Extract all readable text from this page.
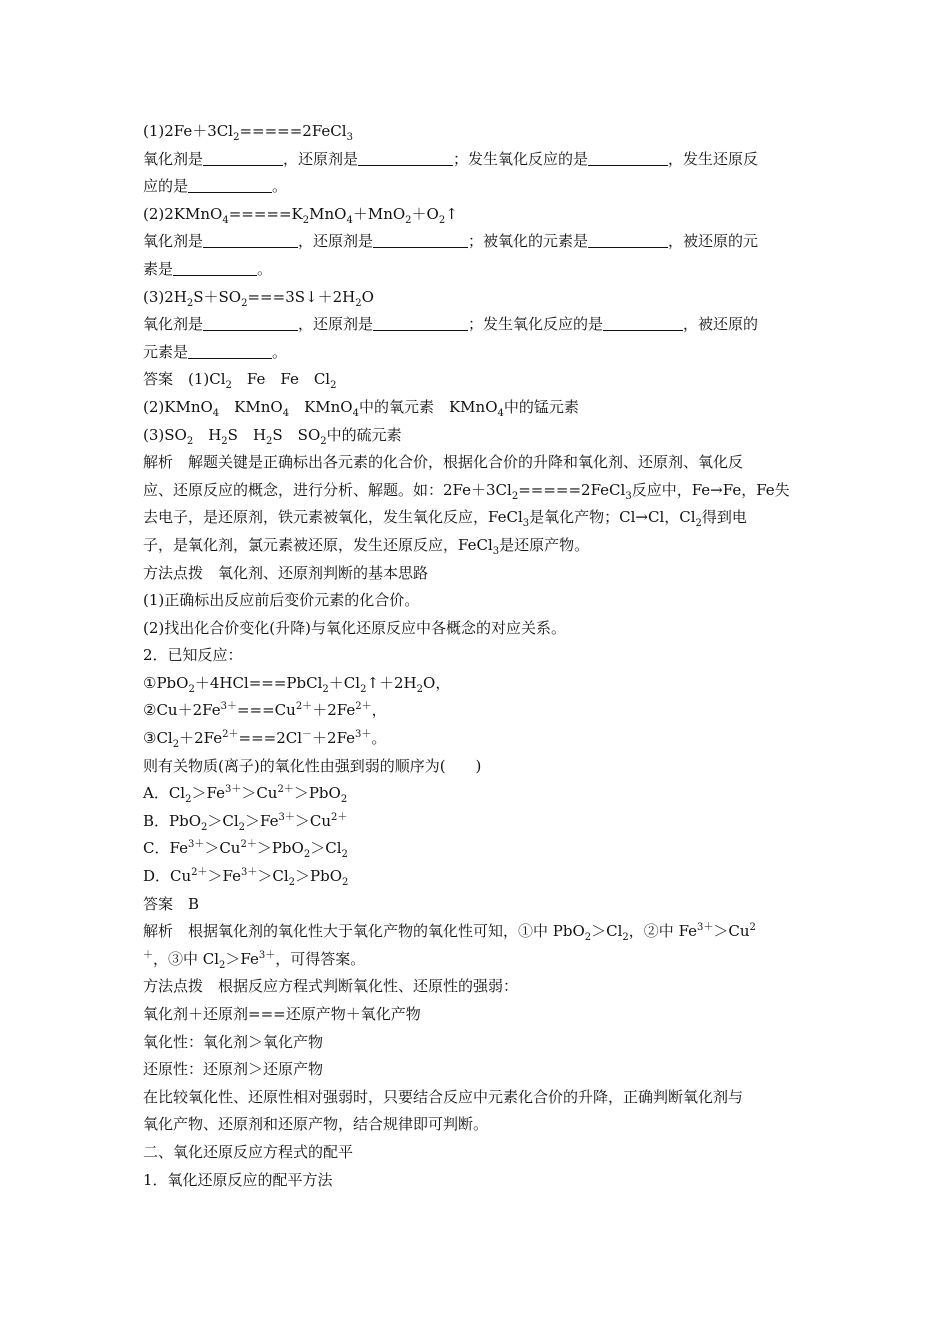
$(1)2Fe+3Cl_2=====2FeCl_3$

氧化剂是	，还原剂是	；发生氧化反应的是	，发生还原反

应的是	。

$(2)2KMnO_4=====K_2MnO_4+MnO_2+O_2↑$

氧化剂是	，还原剂是	；被氧化的元素是	，被还原的元

素是	。

$(3)2H_2S+SO_2===3S↓+2H_2O$

氧化剂是	，还原剂是	；发生氧化反应的是	，被还原的

元素是	。

答案　$(1)Cl_2$　Fe　Fe　$Cl_2$

(2)KMnO$_4$　KMnO$_4$　KMnO$_4$中的氧元素　KMnO$_4$中的锰元素

$(3)SO_2$　$H_2S$　$H_2S$　$SO_2$中的硫元素

解析　解题关键是正确标出各元素的化合价，根据化合价的升降和氧化剂、还原剂、氧化反

应、还原反应的概念，进行分析、解题。如：$2Fe+3Cl_2=====2FeCl_3$反应中，Fe→Fe，Fe失

去电子，是还原剂，铁元素被氧化，发生氧化反应，FeCl$_3$是氧化产物；Cl→Cl，$Cl_2$得到电

子，是氧化剂，氯元素被还原，发生还原反应，FeCl$_3$是还原产物。

方法点拨　氧化剂、还原剂判断的基本思路

(1)正确标出反应前后变价元素的化合价。

(2)找出化合价变化(升降)与氧化还原反应中各概念的对应关系。

2．已知反应：

$①PbO_2+4HCl===PbCl_2+Cl_2↑+2H_2O$，

$②Cu+2Fe^{3+}===Cu^{2+}+2Fe^{2+}$，

$③Cl_2+2Fe^{2+}===2Cl^-+2Fe^{3+}$。

则有关物质(离子)的氧化性由强到弱的顺序为(　　)

A．$Cl_2>Fe^{3+}>Cu^{2+}>PbO_2$

B．$PbO_2>Cl_2>Fe^{3+}>Cu^{2+}$

C．$Fe^{3+}>Cu^{2+}>PbO_2>Cl_2$

D．$Cu^{2+}>Fe^{3+}>Cl_2>PbO_2$

答案　B

解析　根据氧化剂的氧化性大于氧化产物的氧化性可知，①中 $PbO_2>Cl_2$，②中 $Fe^{3+}>Cu^2$

＋，③中 $Cl_2>Fe^{3+}$，可得答案。

方法点拨　根据反应方程式判断氧化性、还原性的强弱：

氧化剂＋还原剂===还原产物＋氧化产物

氧化性：氧化剂＞氧化产物

还原性：还原剂＞还原产物

在比较氧化性、还原性相对强弱时，只要结合反应中元素化合价的升降，正确判断氧化剂与

氧化产物、还原剂和还原产物，结合规律即可判断。

二、氧化还原反应方程式的配平

1．氧化还原反应的配平方法
